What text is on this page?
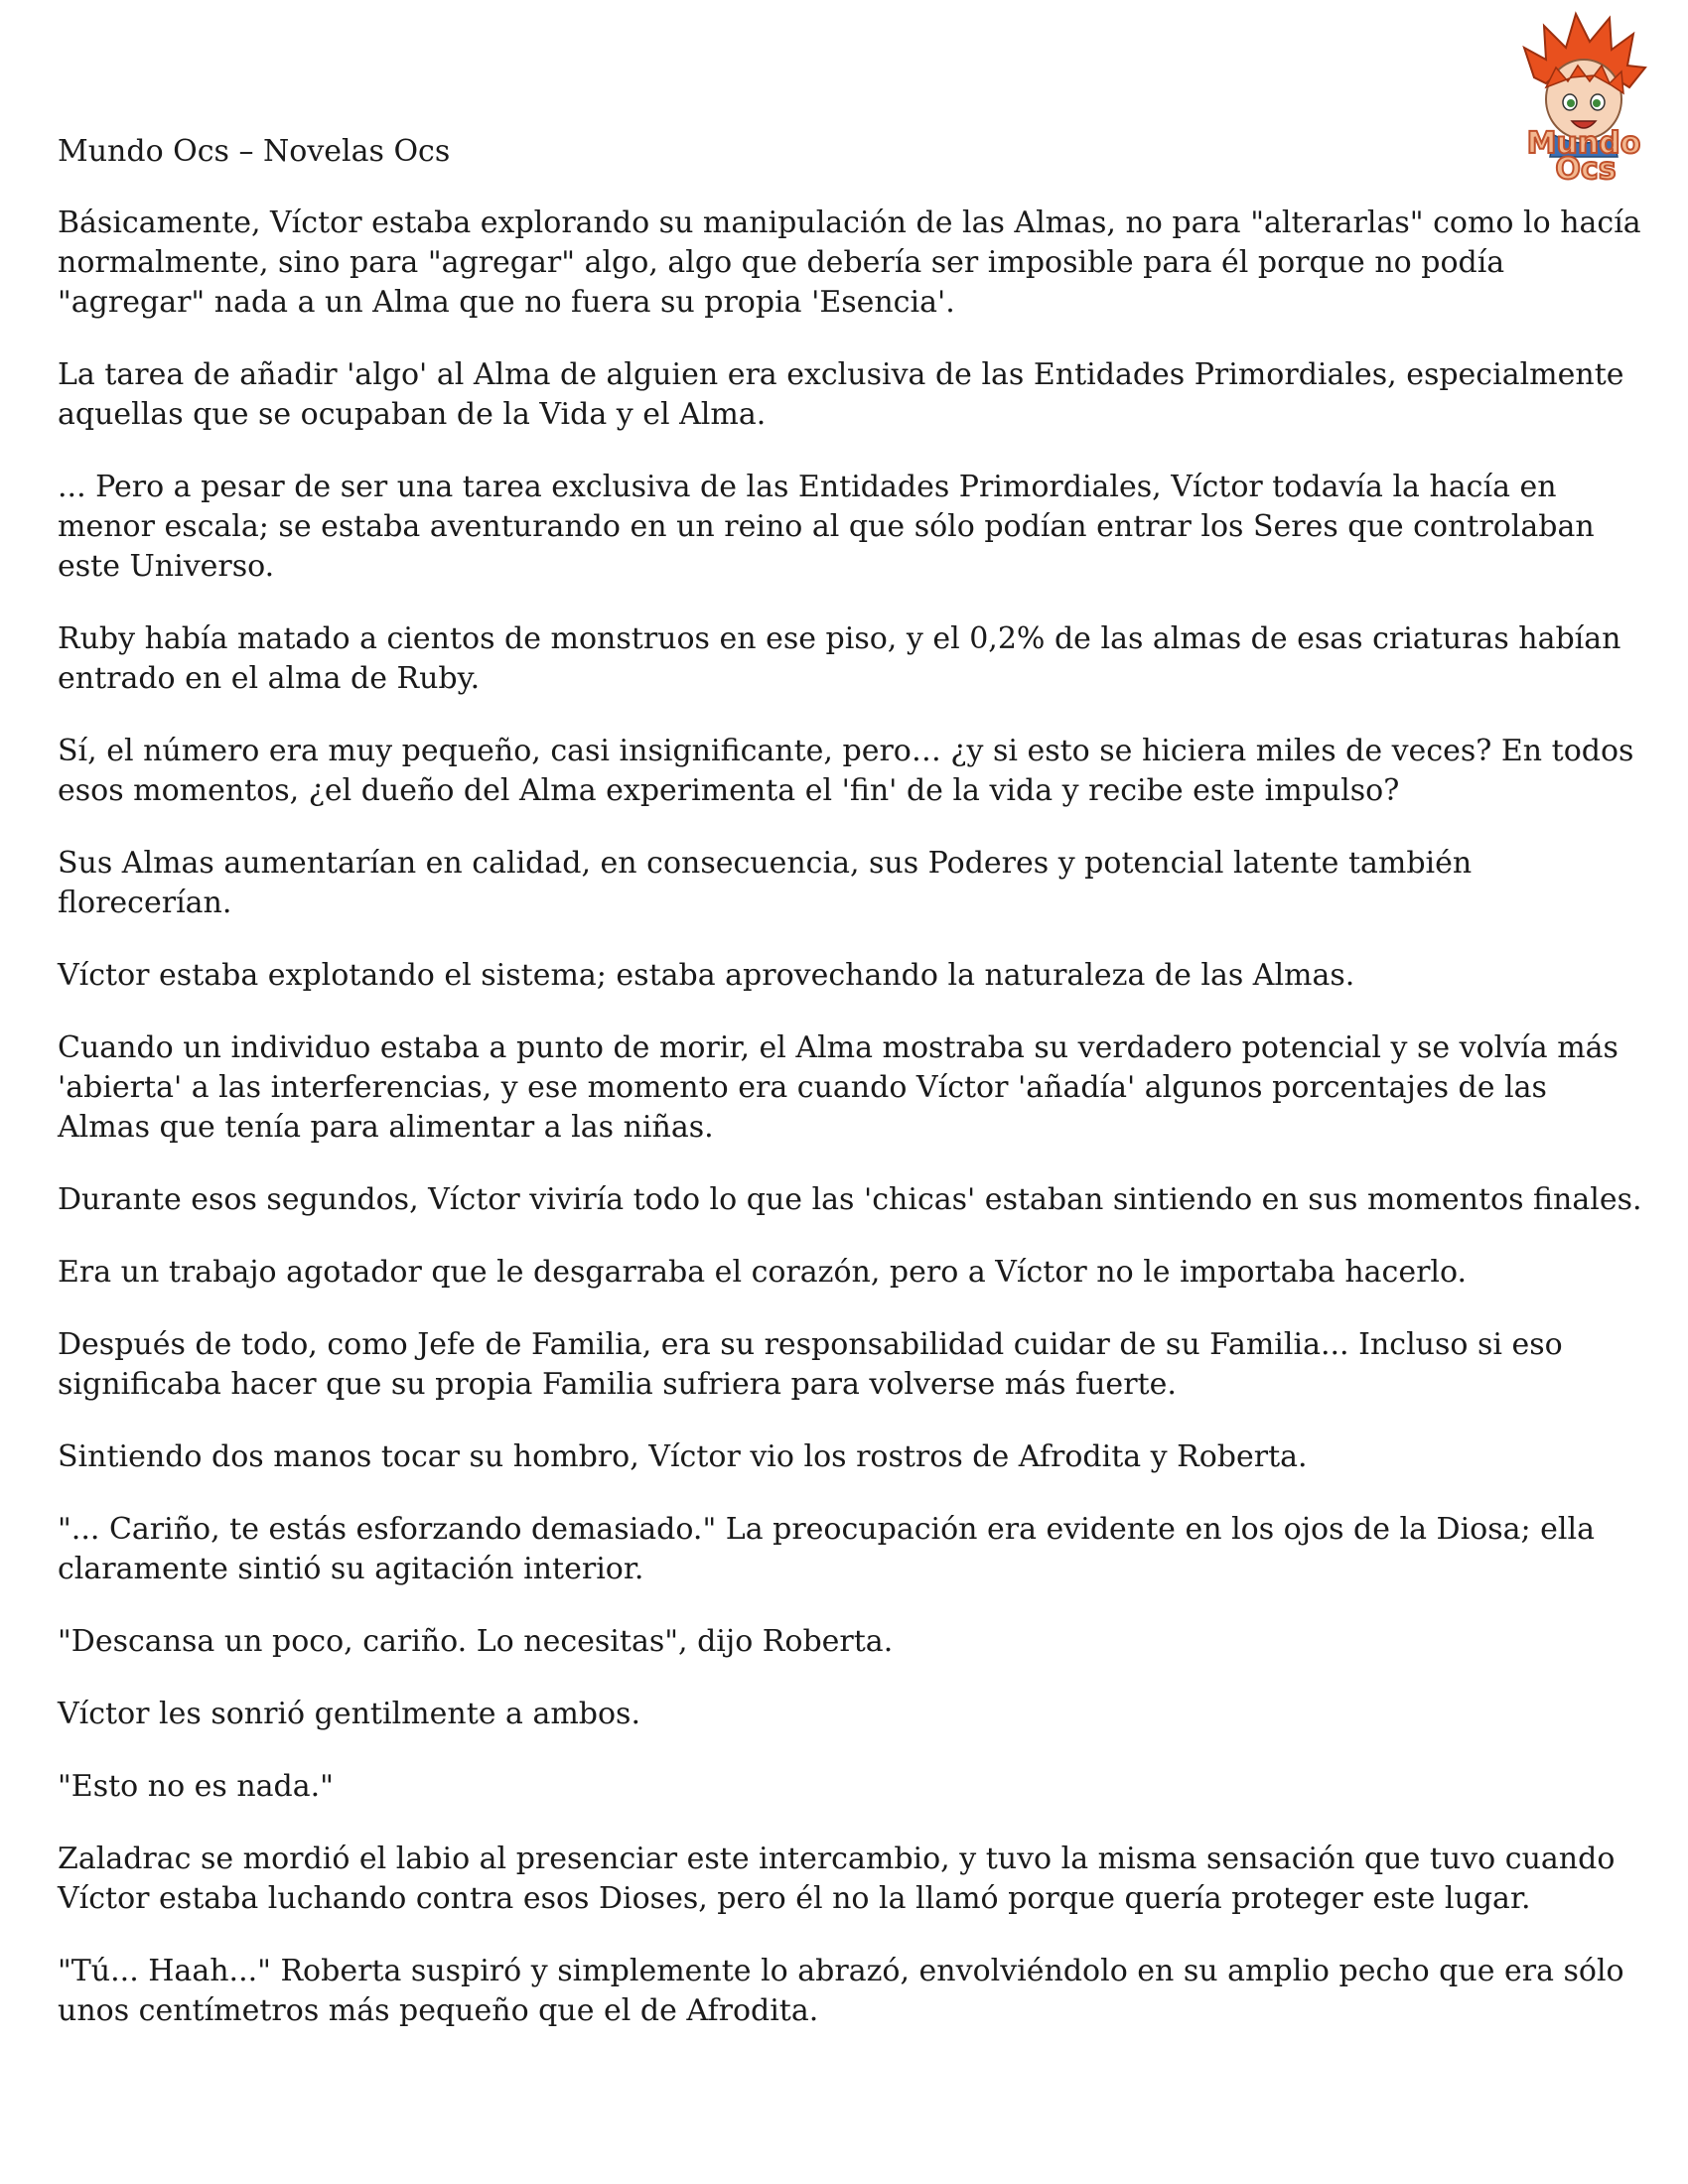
Mundo Ocs – Novelas Ocs	Mundo
Ocs

Básicamente, Víctor estaba explorando su manipulación de las Almas, no para "alterarlas" como lo hacía normalmente, sino para "agregar" algo, algo que debería ser imposible para él porque no podía "agregar" nada a un Alma que no fuera su propia 'Esencia'.

La tarea de añadir 'algo' al Alma de alguien era exclusiva de las Entidades Primordiales, especialmente aquellas que se ocupaban de la Vida y el Alma.

... Pero a pesar de ser una tarea exclusiva de las Entidades Primordiales, Víctor todavía la hacía en menor escala; se estaba aventurando en un reino al que sólo podían entrar los Seres que controlaban este Universo.

Ruby había matado a cientos de monstruos en ese piso, y el 0,2% de las almas de esas criaturas habían entrado en el alma de Ruby.

Sí, el número era muy pequeño, casi insignificante, pero… ¿y si esto se hiciera miles de veces? En todos esos momentos, ¿el dueño del Alma experimenta el 'fin' de la vida y recibe este impulso?

Sus Almas aumentarían en calidad, en consecuencia, sus Poderes y potencial latente también florecerían.

Víctor estaba explotando el sistema; estaba aprovechando la naturaleza de las Almas.

Cuando un individuo estaba a punto de morir, el Alma mostraba su verdadero potencial y se volvía más 'abierta' a las interferencias, y ese momento era cuando Víctor 'añadía' algunos porcentajes de las Almas que tenía para alimentar a las niñas.

Durante esos segundos, Víctor viviría todo lo que las 'chicas' estaban sintiendo en sus momentos finales.

Era un trabajo agotador que le desgarraba el corazón, pero a Víctor no le importaba hacerlo.

Después de todo, como Jefe de Familia, era su responsabilidad cuidar de su Familia... Incluso si eso significaba hacer que su propia Familia sufriera para volverse más fuerte.

Sintiendo dos manos tocar su hombro, Víctor vio los rostros de Afrodita y Roberta.

"... Cariño, te estás esforzando demasiado." La preocupación era evidente en los ojos de la Diosa; ella claramente sintió su agitación interior.

"Descansa un poco, cariño. Lo necesitas", dijo Roberta.

Víctor les sonrió gentilmente a ambos.

"Esto no es nada."

Zaladrac se mordió el labio al presenciar este intercambio, y tuvo la misma sensación que tuvo cuando Víctor estaba luchando contra esos Dioses, pero él no la llamó porque quería proteger este lugar.

"Tú... Haah..." Roberta suspiró y simplemente lo abrazó, envolviéndolo en su amplio pecho que era sólo unos centímetros más pequeño que el de Afrodita.
